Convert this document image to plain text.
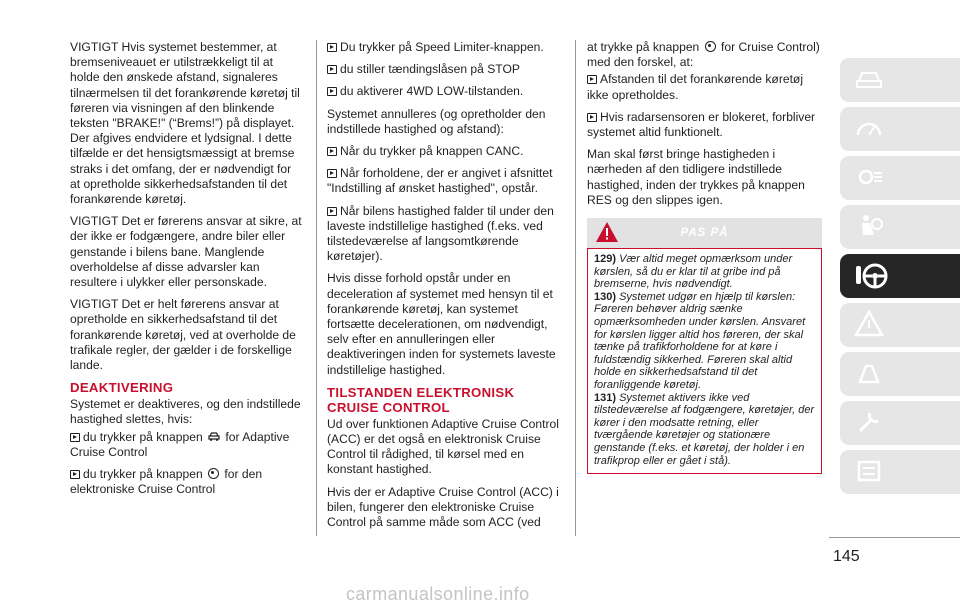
VIGTIGT Hvis systemet bestemmer, at bremseniveauet er utilstrækkeligt til at holde den ønskede afstand, signaleres tilnærmelsen til det forankørende køretøj til føreren via visningen af den blinkende teksten "BRAKE!" (“Brems!”) på displayet. Der afgives endvidere et lydsignal. I dette tilfælde er det hensigtsmæssigt at bremse straks i det omfang, der er nødvendigt for at opretholde sikkerhedsafstanden til det forankørende køretøj.

VIGTIGT Det er førerens ansvar at sikre, at der ikke er fodgængere, andre biler eller genstande i bilens bane. Manglende overholdelse af disse advarsler kan resultere i ulykker eller personskade.

VIGTIGT Det er helt førerens ansvar at opretholde en sikkerhedsafstand til det forankørende køretøj, ved at overholde de trafikale regler, der gælder i de forskellige lande.

DEAKTIVERING

Systemet er deaktiveres, og den indstillede hastighed slettes, hvis:

du trykker på knappen for Adaptive Cruise Control

du trykker på knappen for den elektroniske Cruise Control

Du trykker på Speed Limiter-knappen.

du stiller tændingslåsen på STOP

du aktiverer 4WD LOW-tilstanden.

Systemet annulleres (og opretholder den indstillede hastighed og afstand):

Når du trykker på knappen CANC.

Når forholdene, der er angivet i afsnittet "Indstilling af ønsket hastighed", opstår.

Når bilens hastighed falder til under den laveste indstillelige hastighed (f.eks. ved tilstedeværelse af langsomtkørende køretøjer).

Hvis disse forhold opstår under en deceleration af systemet med hensyn til et forankørende køretøj, kan systemet fortsætte decelerationen, om nødvendigt, selv efter en annulleringen eller deaktiveringen inden for systemets laveste indstillelige hastighed.

TILSTANDEN ELEKTRONISK CRUISE CONTROL

Ud over funktionen Adaptive Cruise Control (ACC) er det også en elektronisk Cruise Control til rådighed, til kørsel med en konstant hastighed.

Hvis der er Adaptive Cruise Control (ACC) i bilen, fungerer den elektroniske Cruise Control på samme måde som ACC (ved

at trykke på knappen for Cruise Control) med den forskel, at:

Afstanden til det forankørende køretøj ikke opretholdes.

Hvis radarsensoren er blokeret, forbliver systemet altid funktionelt.

Man skal først bringe hastigheden i nærheden af den tidligere indstillede hastighed, inden der trykkes på knappen RES og den slippes igen.

PAS PÅ

129) Vær altid meget opmærksom under kørslen, så du er klar til at gribe ind på bremserne, hvis nødvendigt.

130) Systemet udgør en hjælp til kørslen: Føreren behøver aldrig sænke opmærksomheden under kørslen. Ansvaret for kørslen ligger altid hos føreren, der skal tænke på trafikforholdene for at køre i fuldstændig sikkerhed. Føreren skal altid holde en sikkerhedsafstand til det foranliggende køretøj.

131) Systemet aktivers ikke ved tilstedeværelse af fodgængere, køretøjer, der kører i den modsatte retning, eller tværgående køretøjer og stationære genstande (f.eks. et køretøj, der holder i en trafikprop eller er gået i stå).

145
carmanualsonline.info
